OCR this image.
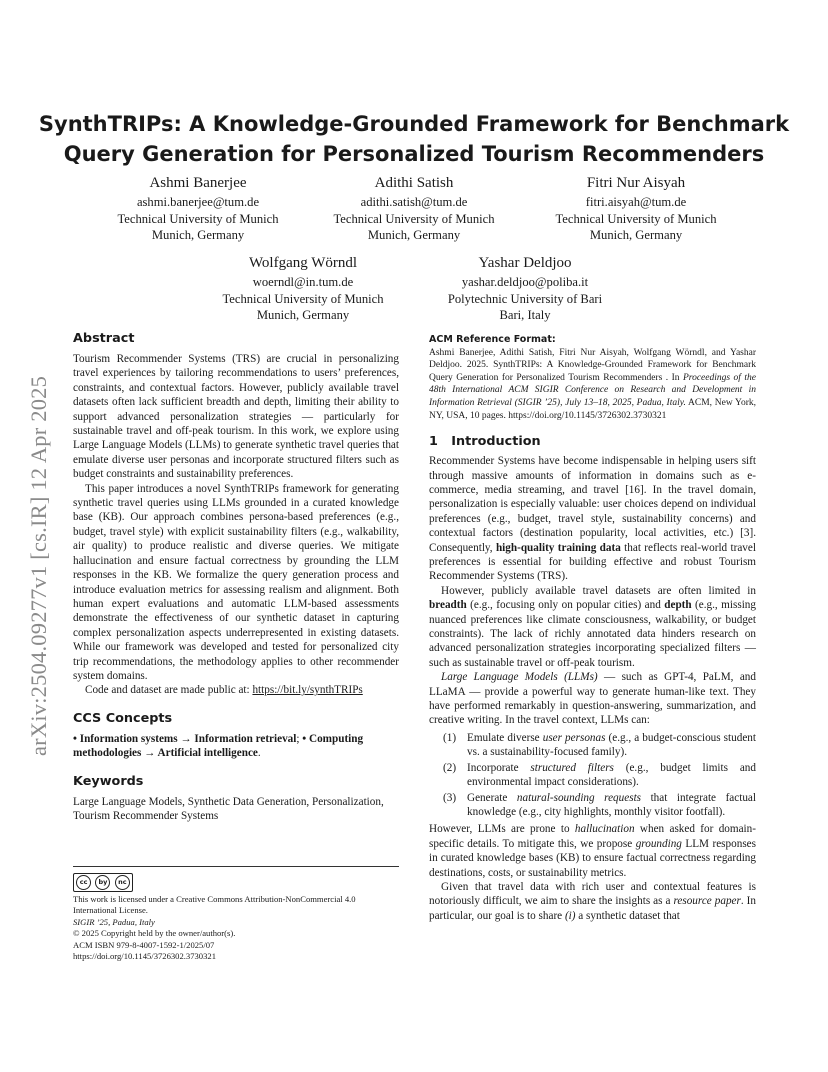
arXiv:2504.09277v1 [cs.IR] 12 Apr 2025
SynthTRIPs: A Knowledge-Grounded Framework for Benchmark
Query Generation for Personalized Tourism Recommenders
Ashmi Banerjee
ashmi.banerjee@tum.de
Technical University of Munich
Munich, Germany
Adithi Satish
adithi.satish@tum.de
Technical University of Munich
Munich, Germany
Fitri Nur Aisyah
fitri.aisyah@tum.de
Technical University of Munich
Munich, Germany
Wolfgang Wörndl
woerndl@in.tum.de
Technical University of Munich
Munich, Germany
Yashar Deldjoo
yashar.deldjoo@poliba.it
Polytechnic University of Bari
Bari, Italy
Abstract

Tourism Recommender Systems (TRS) are crucial in personalizing travel experiences by tailoring recommendations to users’ preferences, constraints, and contextual factors. However, publicly available travel datasets often lack sufficient breadth and depth, limiting their ability to support advanced personalization strategies — particularly for sustainable travel and off-peak tourism. In this work, we explore using Large Language Models (LLMs) to generate synthetic travel queries that emulate diverse user personas and incorporate structured filters such as budget constraints and sustainability preferences.

This paper introduces a novel SynthTRIPs framework for generating synthetic travel queries using LLMs grounded in a curated knowledge base (KB). Our approach combines persona-based preferences (e.g., budget, travel style) with explicit sustainability filters (e.g., walkability, air quality) to produce realistic and diverse queries. We mitigate hallucination and ensure factual correctness by grounding the LLM responses in the KB. We formalize the query generation process and introduce evaluation metrics for assessing realism and alignment. Both human expert evaluations and automatic LLM-based assessments demonstrate the effectiveness of our synthetic dataset in capturing complex personalization aspects underrepresented in existing datasets. While our framework was developed and tested for personalized city trip recommendations, the methodology applies to other recommender system domains.

Code and dataset are made public at: https://bit.ly/synthTRIPs

CCS Concepts

• Information systems → Information retrieval; • Computing methodologies → Artificial intelligence.

Keywords

Large Language Models, Synthetic Data Generation, Personalization, Tourism Recommender Systems

cc	by	nc
This work is licensed under a Creative Commons Attribution-NonCommercial 4.0 International License.
SIGIR ’25, Padua, Italy
© 2025 Copyright held by the owner/author(s).
ACM ISBN 979-8-4007-1592-1/2025/07
https://doi.org/10.1145/3726302.3730321
ACM Reference Format:
Ashmi Banerjee, Adithi Satish, Fitri Nur Aisyah, Wolfgang Wörndl, and Yashar Deldjoo. 2025. SynthTRIPs: A Knowledge-Grounded Framework for Benchmark Query Generation for Personalized Tourism Recommenders . In Proceedings of the 48th International ACM SIGIR Conference on Research and Development in Information Retrieval (SIGIR ’25), July 13–18, 2025, Padua, Italy. ACM, New York, NY, USA, 10 pages. https://doi.org/10.1145/3726302.3730321
1   Introduction

Recommender Systems have become indispensable in helping users sift through massive amounts of information in domains such as e-commerce, media streaming, and travel [16]. In the travel domain, personalization is especially valuable: user choices depend on individual preferences (e.g., budget, travel style, sustainability concerns) and contextual factors (destination popularity, local activities, etc.) [3]. Consequently, high-quality training data that reflects real-world travel preferences is essential for building effective and robust Tourism Recommender Systems (TRS).

However, publicly available travel datasets are often limited in breadth (e.g., focusing only on popular cities) and depth (e.g., missing nuanced preferences like climate consciousness, walkability, or budget constraints). The lack of richly annotated data hinders research on advanced personalization strategies incorporating specialized filters — such as sustainable travel or off-peak tourism.

Large Language Models (LLMs) — such as GPT-4, PaLM, and LLaMA — provide a powerful way to generate human-like text. They have performed remarkably in question-answering, summarization, and creative writing. In the travel context, LLMs can:

(1) Emulate diverse user personas (e.g., a budget-conscious student vs. a sustainability-focused family).
(2) Incorporate structured filters (e.g., budget limits and environmental impact considerations).
(3) Generate natural-sounding requests that integrate factual knowledge (e.g., city highlights, monthly visitor footfall).

However, LLMs are prone to hallucination when asked for domain-specific details. To mitigate this, we propose grounding LLM responses in curated knowledge bases (KB) to ensure factual correctness regarding destinations, costs, or sustainability metrics.

Given that travel data with rich user and contextual features is notoriously difficult, we aim to share the insights as a resource paper. In particular, our goal is to share (i) a synthetic dataset that
